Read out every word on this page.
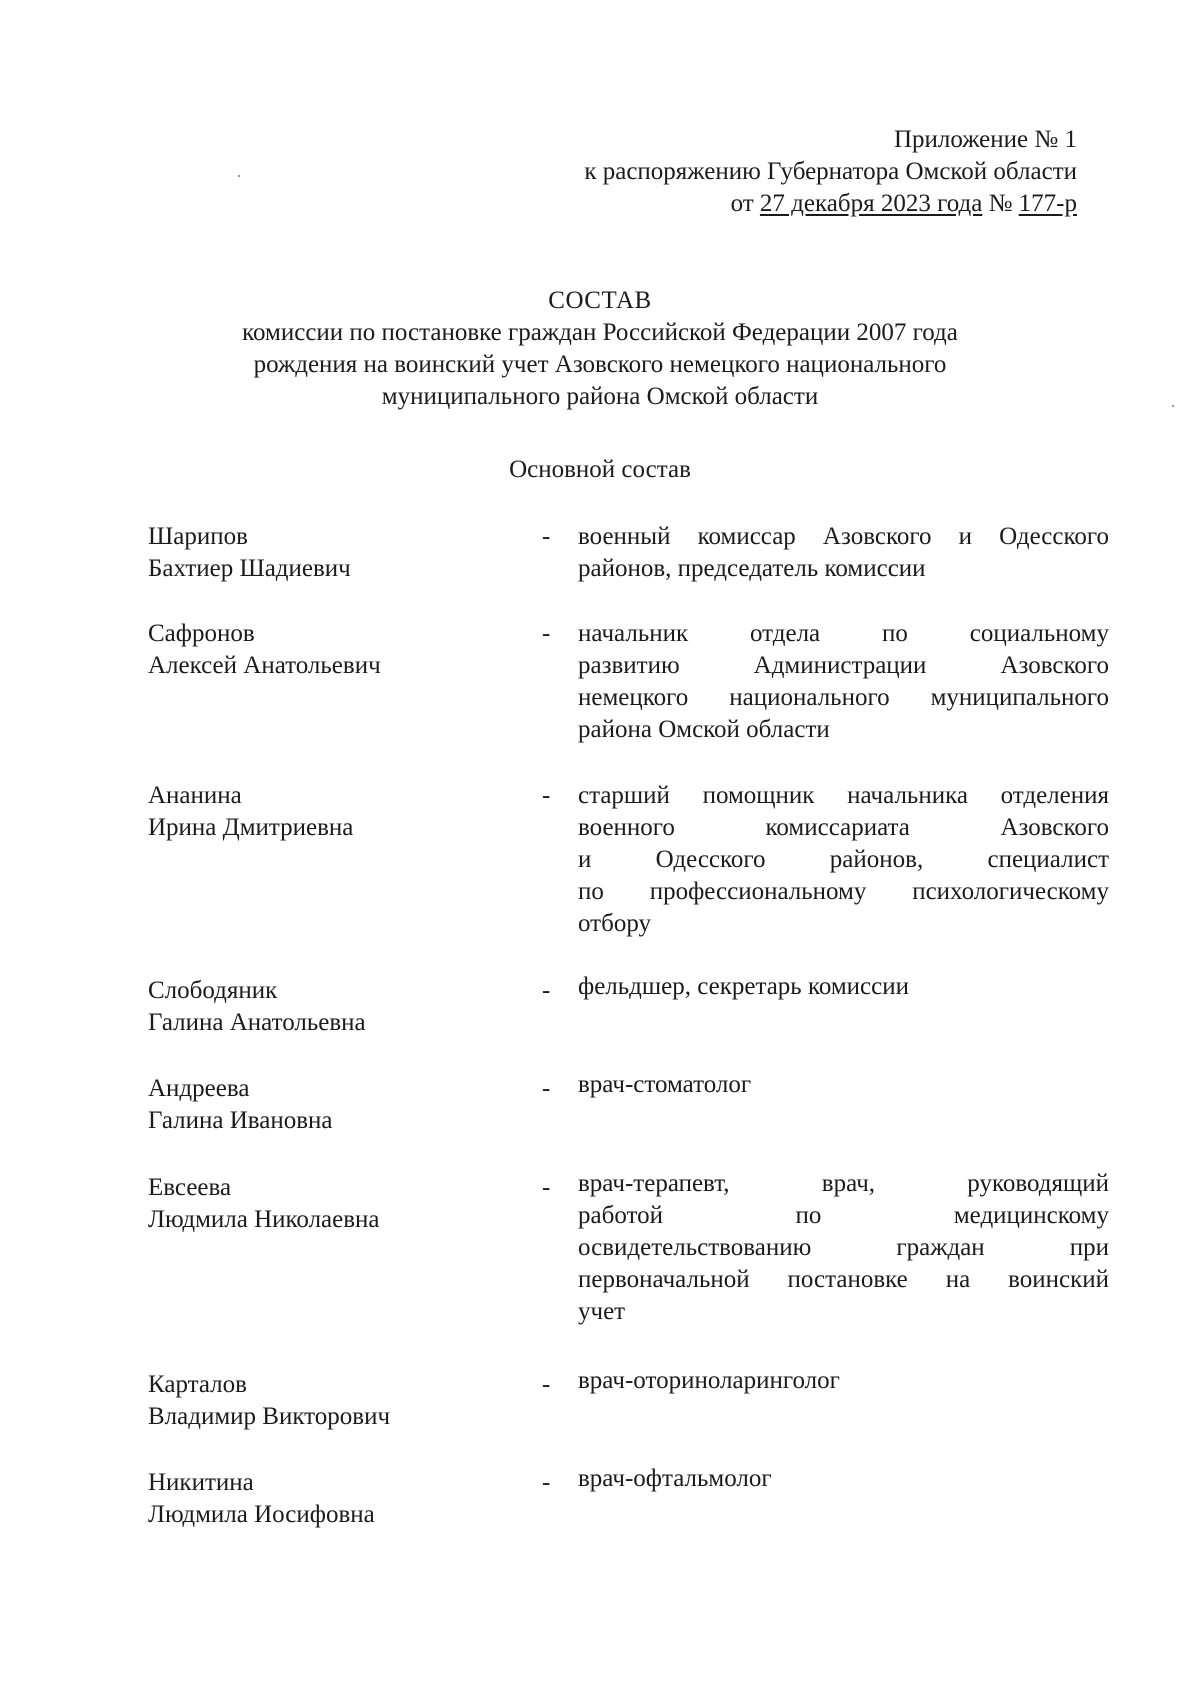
Приложение № 1
к распоряжению Губернатора Омской области
от 27 декабря 2023 года № 177-р
СОСТАВ
комиссии по постановке граждан Российской Федерации 2007 года
рождения на воинский учет Азовского немецкого национального
муниципального района Омской области
Основной состав
Шарипов
Бахтиер Шадиевич
-	военный комиссар Азовского и Одесского
районов, председатель комиссии
Сафронов
Алексей Анатольевич
-	начальник отдела по социальному
развитию Администрации Азовского
немецкого национального муниципального
района Омской области
Ананина
Ирина Дмитриевна
-	старший помощник начальника отделения
военного комиссариата Азовского
и Одесского районов, специалист
по профессиональному психологическому
отбору
Слободяник
Галина Анатольевна
-	фельдшер, секретарь комиссии
Андреева
Галина Ивановна
-	врач-стоматолог
Евсеева
Людмила Николаевна
-	врач-терапевт, врач, руководящий
работой по медицинскому
освидетельствованию граждан при
первоначальной постановке на воинский
учет
Карталов
Владимир Викторович
-	врач-оториноларинголог
Никитина
Людмила Иосифовна
-	врач-офтальмолог
